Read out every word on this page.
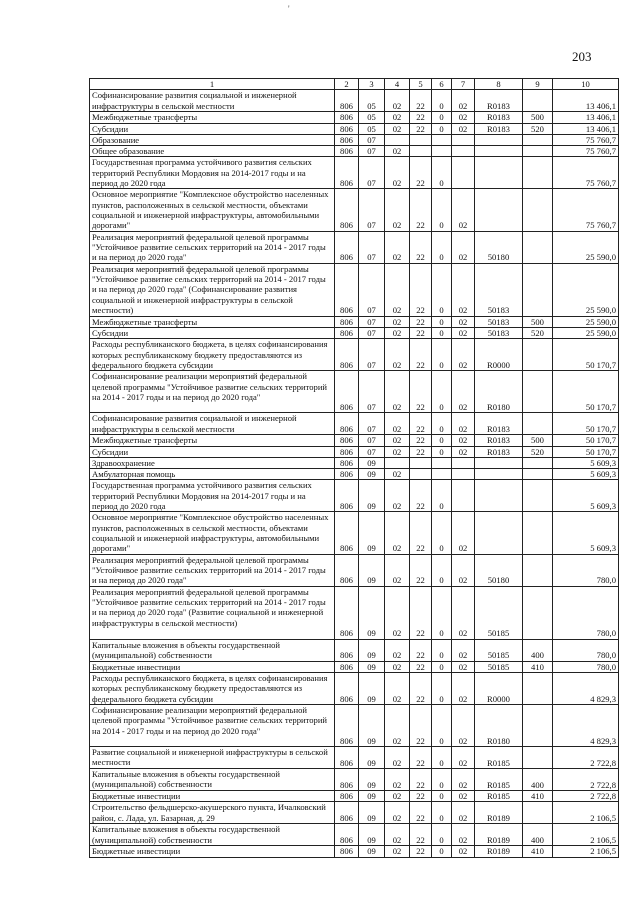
'
203
1	2	3	4	5	6	7	8	9	10
Софинансирование развития социальной и инженерной инфраструктуры в сельской местности	806	05	02	22	0	02	R0183		13 406,1
Межбюджетные трансферты	806	05	02	22	0	02	R0183	500	13 406,1
Субсидии	806	05	02	22	0	02	R0183	520	13 406,1
Образование	806	07							75 760,7
Общее образование	806	07	02						75 760,7
Государственная программа устойчивого развития сельских территорий Республики Мордовия на 2014-2017 годы и на период до 2020 года	806	07	02	22	0				75 760,7
Основное мероприятие "Комплексное обустройство населенных пунктов, расположенных в сельской местности, объектами социальной и инженерной инфраструктуры, автомобильными дорогами"	806	07	02	22	0	02			75 760,7
Реализация мероприятий федеральной целевой программы "Устойчивое развитие сельских территорий на 2014 - 2017 годы и на период до 2020 года"	806	07	02	22	0	02	50180		25 590,0
Реализация мероприятий федеральной целевой программы "Устойчивое развитие сельских территорий на 2014 - 2017 годы и на период до 2020 года" (Софинансирование развития социальной и инженерной инфраструктуры в сельской местности)	806	07	02	22	0	02	50183		25 590,0
Межбюджетные трансферты	806	07	02	22	0	02	50183	500	25 590,0
Субсидии	806	07	02	22	0	02	50183	520	25 590,0
Расходы республиканского бюджета, в целях софинансирования которых республиканскому бюджету предоставляются из федерального бюджета субсидии	806	07	02	22	0	02	R0000		50 170,7
Софинансирование реализации мероприятий федеральной целевой программы "Устойчивое развитие сельских территорий на 2014 - 2017 годы и на период до 2020 года"	806	07	02	22	0	02	R0180		50 170,7
Софинансирование развития социальной и инженерной инфраструктуры в сельской местности	806	07	02	22	0	02	R0183		50 170,7
Межбюджетные трансферты	806	07	02	22	0	02	R0183	500	50 170,7
Субсидии	806	07	02	22	0	02	R0183	520	50 170,7
Здравоохранение	806	09							5 609,3
Амбулаторная помощь	806	09	02						5 609,3
Государственная программа устойчивого развития сельских территорий Республики Мордовия на 2014-2017 годы и на период до 2020 года	806	09	02	22	0				5 609,3
Основное мероприятие "Комплексное обустройство населенных пунктов, расположенных в сельской местности, объектами социальной и инженерной инфраструктуры, автомобильными дорогами"	806	09	02	22	0	02			5 609,3
Реализация мероприятий федеральной целевой программы "Устойчивое развитие сельских территорий на 2014 - 2017 годы и на период до 2020 года"	806	09	02	22	0	02	50180		780,0
Реализация мероприятий федеральной целевой программы "Устойчивое развитие сельских территорий на 2014 - 2017 годы и на период до 2020 года" (Развитие социальной и инженерной инфраструктуры в сельской местности)	806	09	02	22	0	02	50185		780,0
Капитальные вложения в объекты государственной (муниципальной) собственности	806	09	02	22	0	02	50185	400	780,0
Бюджетные инвестиции	806	09	02	22	0	02	50185	410	780,0
Расходы республиканского бюджета, в целях софинансирования которых республиканскому бюджету предоставляются из федерального бюджета субсидии	806	09	02	22	0	02	R0000		4 829,3
Софинансирование реализации мероприятий федеральной целевой программы "Устойчивое развитие сельских территорий на 2014 - 2017 годы и на период до 2020 года"	806	09	02	22	0	02	R0180		4 829,3
Развитие социальной и инженерной инфраструктуры в сельской местности	806	09	02	22	0	02	R0185		2 722,8
Капитальные вложения в объекты государственной (муниципальной) собственности	806	09	02	22	0	02	R0185	400	2 722,8
Бюджетные инвестиции	806	09	02	22	0	02	R0185	410	2 722,8
Строительство фельдшерско-акушерского пункта, Ичалковский район, с. Лада, ул. Базарная, д. 29	806	09	02	22	0	02	R0189		2 106,5
Капитальные вложения в объекты государственной (муниципальной) собственности	806	09	02	22	0	02	R0189	400	2 106,5
Бюджетные инвестиции	806	09	02	22	0	02	R0189	410	2 106,5
